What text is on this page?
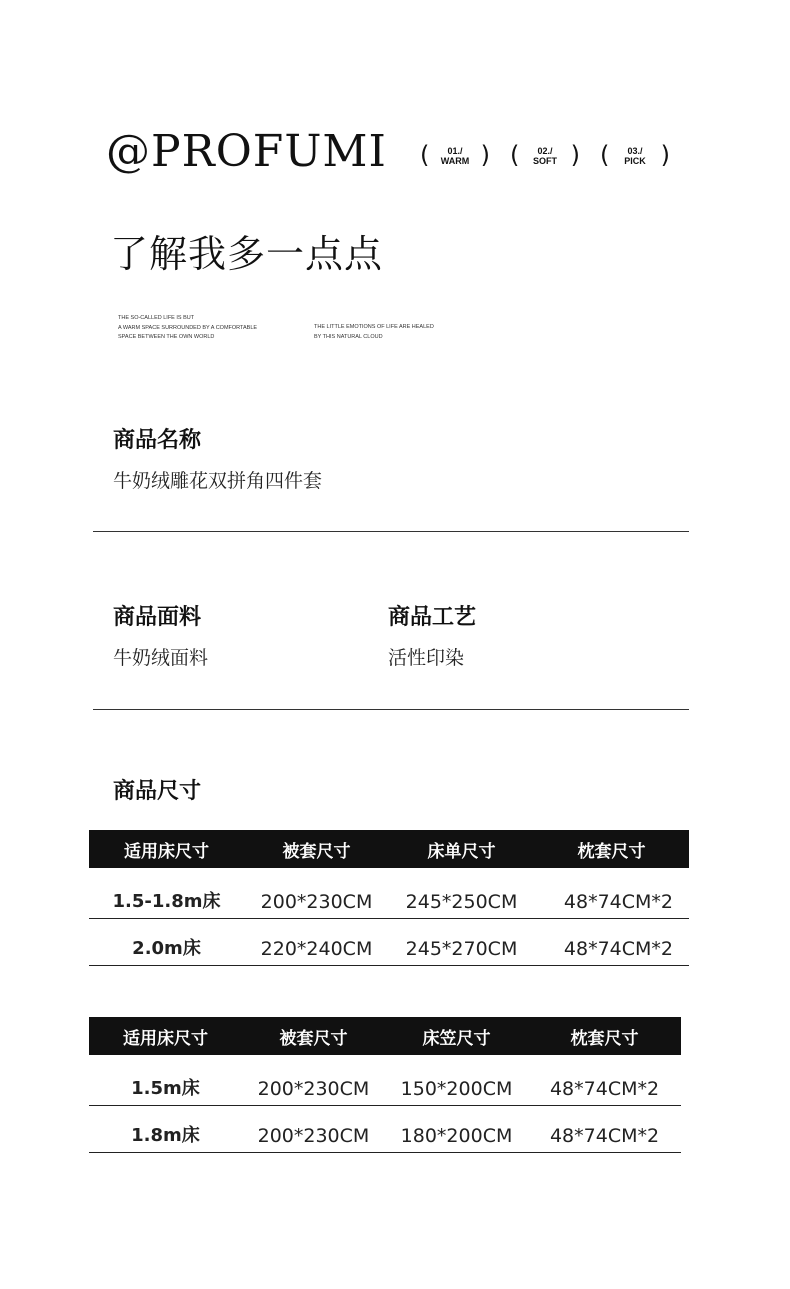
@PROFUMI ( 01./
WARM ) ( 02./
SOFT ) ( 03./
PICK )
了解我多一点点
THE SO-CALLED LIFE IS BUT
A WARM SPACE SURROUNDED BY A COMFORTABLE
SPACE BETWEEN THE OWN WORLD
THE LITTLE EMOTIONS OF LIFE ARE HEALED
BY THIS NATURAL CLOUD
商品名称
牛奶绒雕花双拼角四件套
商品面料
牛奶绒面料
商品工艺
活性印染
商品尺寸
适用床尺寸	被套尺寸	床单尺寸	枕套尺寸
1.5-1.8m床	200*230CM	245*250CM	48*74CM*2
2.0m床	220*240CM	245*270CM	48*74CM*2
适用床尺寸	被套尺寸	床笠尺寸	枕套尺寸
1.5m床	200*230CM	150*200CM	48*74CM*2
1.8m床	200*230CM	180*200CM	48*74CM*2
